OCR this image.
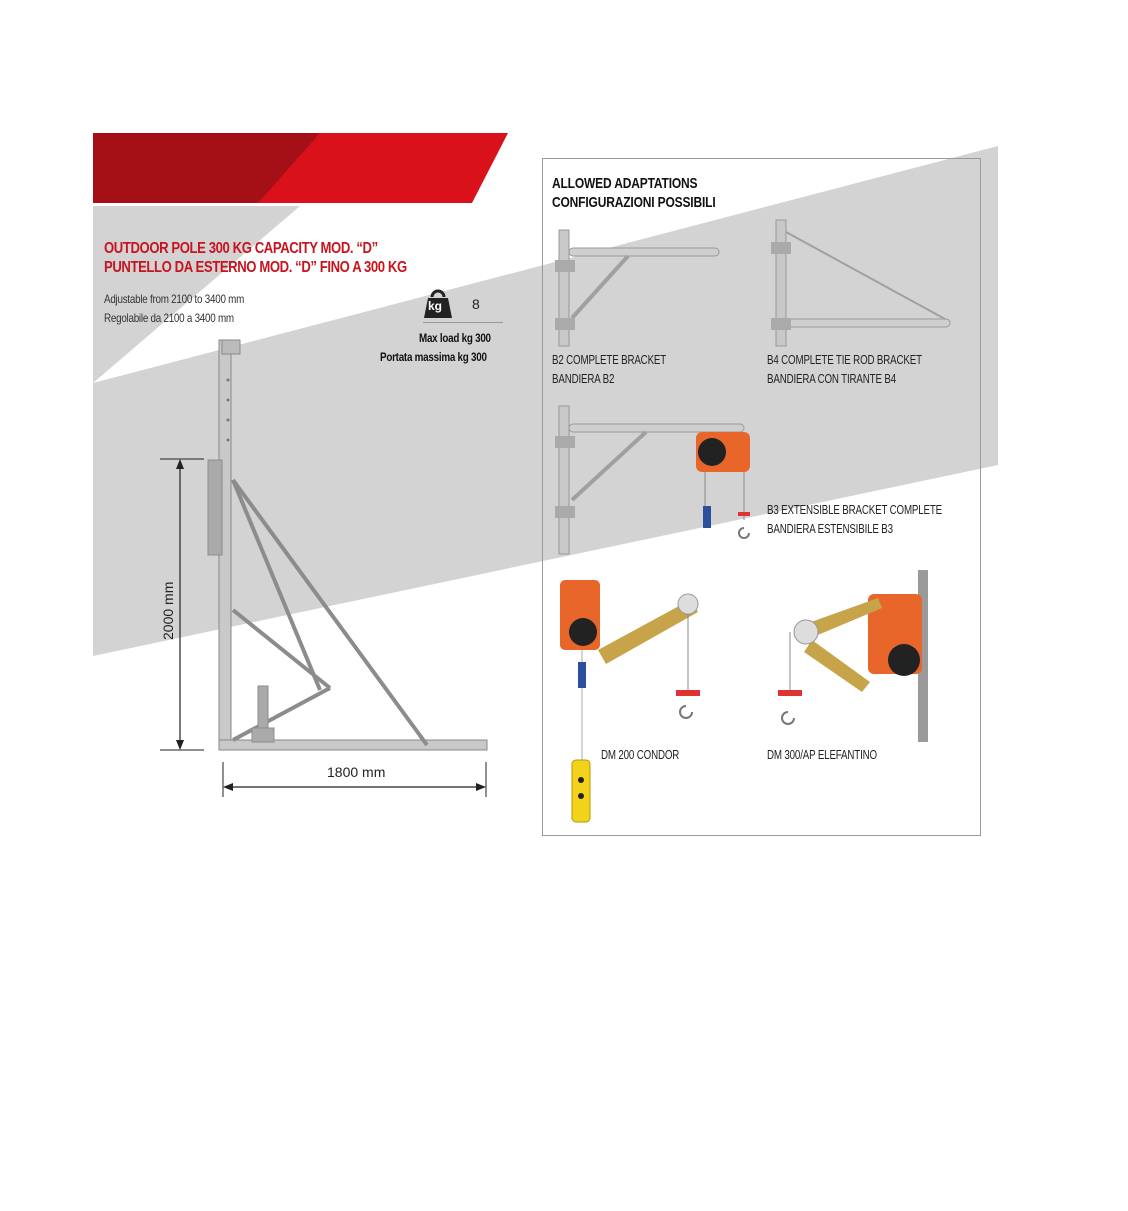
OUTDOOR POLE 300 KG CAPACITY MOD. “D”
PUNTELLO DA ESTERNO MOD. “D” FINO A 300 KG
Adjustable from 2100 to 3400 mm
Regolabile da 2100 a 3400 mm
kg 8
Max load kg 300
Portata massima kg 300
2000 mm
1800 mm
ALLOWED ADAPTATIONS
CONFIGURAZIONI POSSIBILI
B2 COMPLETE BRACKET
BANDIERA B2
B4 COMPLETE TIE ROD BRACKET
BANDIERA CON TIRANTE B4
B3 EXTENSIBLE BRACKET COMPLETE
BANDIERA ESTENSIBILE B3
DM 200 CONDOR	DM 300/AP ELEFANTINO
